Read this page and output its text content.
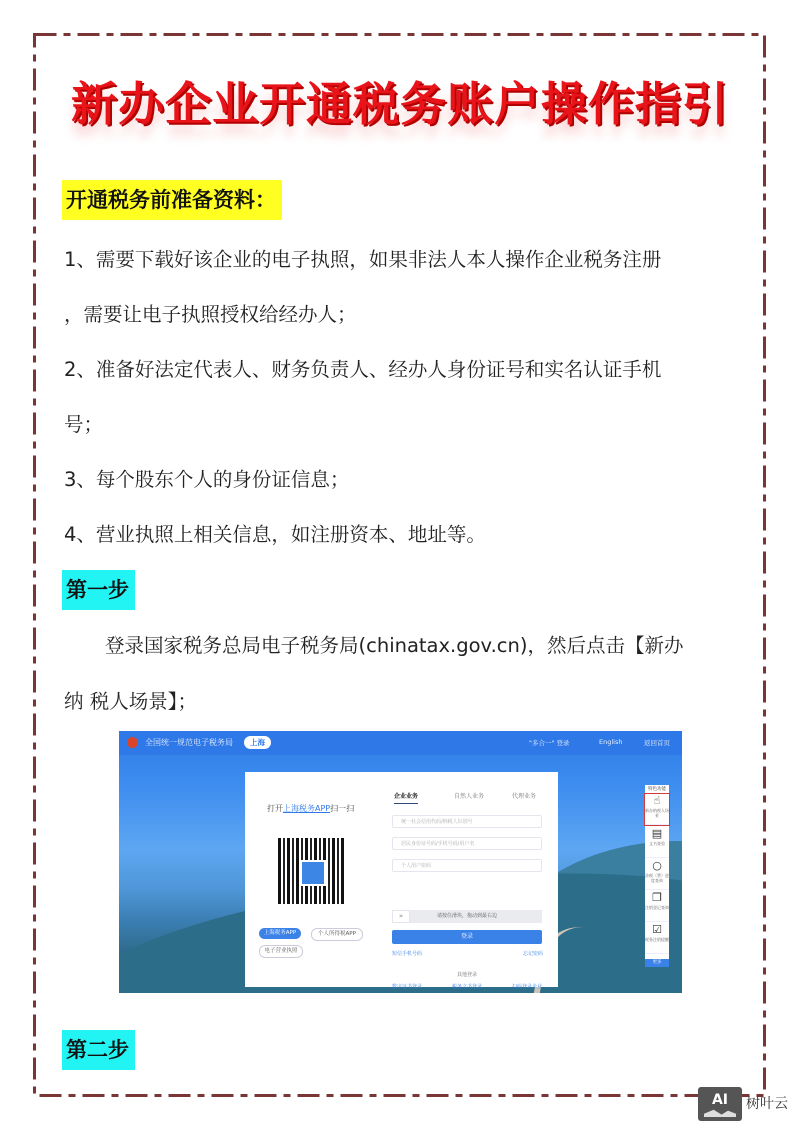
新办企业开通税务账户操作指引
开通税务前准备资料：
1、需要下载好该企业的电子执照，如果非法人本人操作企业税务注册
，需要让电子执照授权给经办人；
2、准备好法定代表人、财务负责人、经办人身份证号和实名认证手机
号；
3、每个股东个人的身份证信息；
4、营业执照上相关信息，如注册资本、地址等。
第一步
登录国家税务总局电子税务局(chinatax.gov.cn)，然后点击【新办
纳 税人场景】；
全国统一规范电子税务局	上海	"多合一" 登录	English	返回首页
打开上海税务APP扫一扫
上海税务APP	个人所得税APP
电子营业执照
企业业务	自然人业务	代理业务
统一社会信用代码/纳税人识别号
居民身份证号码/手机号码/用户名
个人用户密码
»	请按住滑块，拖动到最右边
登录
短信手机号码	忘记密码
其他登录
数字证书登录	税务文书登录	扫码登录企业
特色功能
☝
新办纳税人场景
▤
文书查验
○
涉税（费）进度查询
❐
注销登记查询
☑
税务注销提醒
更多
第二步
AI	树叶云
